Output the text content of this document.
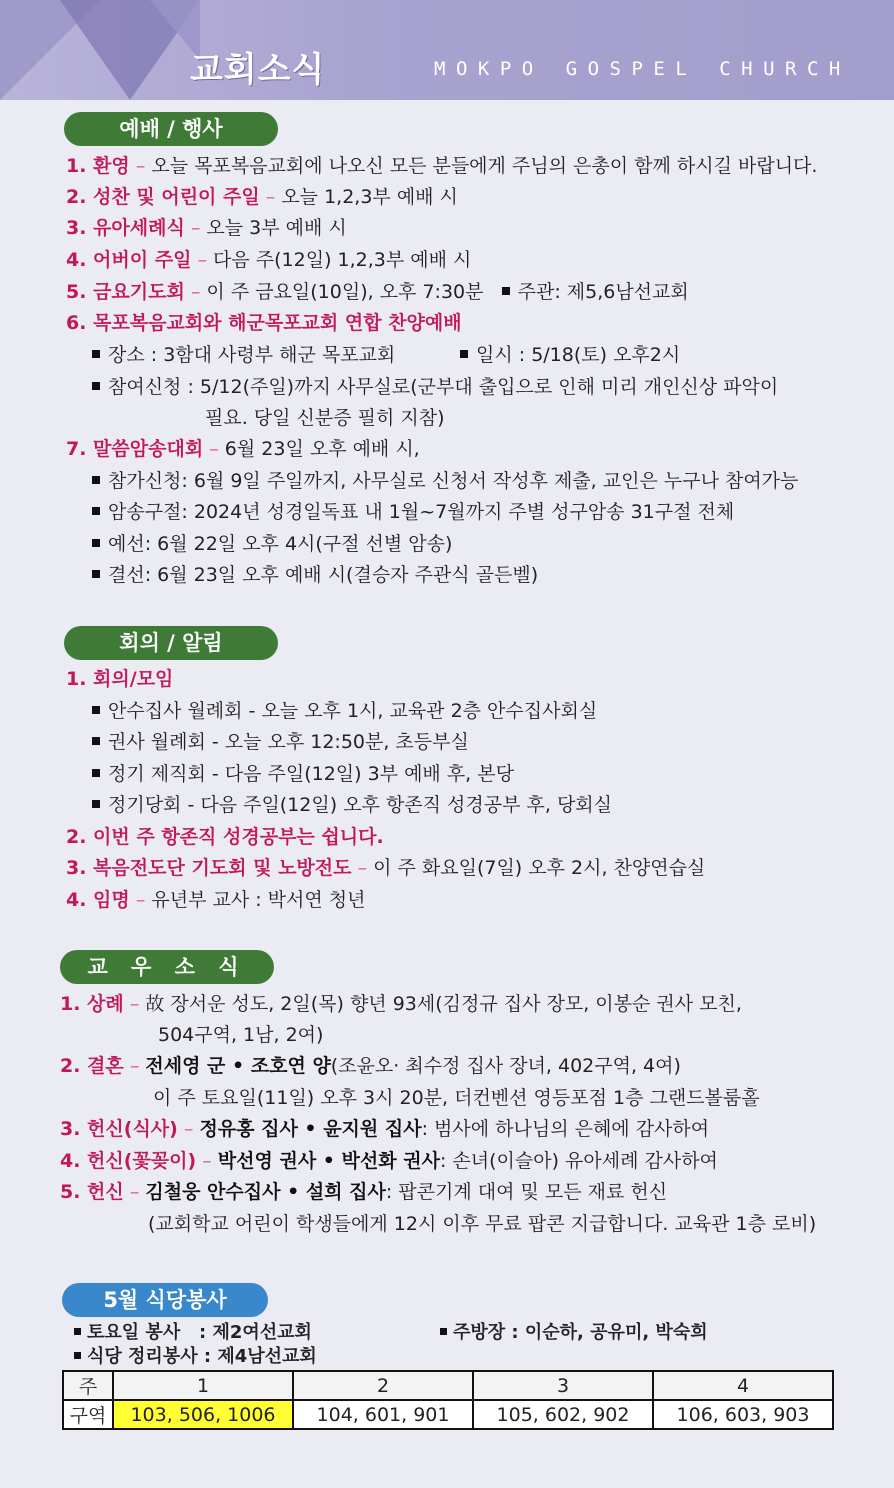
교회소식	MOKPO GOSPEL CHURCH
예배 / 행사
1. 환영 – 오늘 목포복음교회에 나오신 모든 분들에게 주님의 은총이 함께 하시길 바랍니다.
2. 성찬 및 어린이 주일 – 오늘 1,2,3부 예배 시
3. 유아세례식 – 오늘 3부 예배 시
4. 어버이 주일 – 다음 주(12일) 1,2,3부 예배 시
5. 금요기도회 – 이 주 금요일(10일), 오후 7:30분 주관: 제5,6남선교회
6. 목포복음교회와 해군목포교회 연합 찬양예배
장소 : 3함대 사령부 해군 목포교회	일시 : 5/18(토) 오후2시
참여신청 : 5/12(주일)까지 사무실로(군부대 출입으로 인해 미리 개인신상 파악이
필요. 당일 신분증 필히 지참)
7. 말씀암송대회 – 6월 23일 오후 예배 시,
참가신청: 6월 9일 주일까지, 사무실로 신청서 작성후 제출, 교인은 누구나 참여가능
암송구절: 2024년 성경일독표 내 1월~7월까지 주별 성구암송 31구절 전체
예선: 6월 22일 오후 4시(구절 선별 암송)
결선: 6월 23일 오후 예배 시(결승자 주관식 골든벨)
회의 / 알림
1. 회의/모임
안수집사 월례회 - 오늘 오후 1시, 교육관 2층 안수집사회실
권사 월례회 - 오늘 오후 12:50분, 초등부실
정기 제직회 - 다음 주일(12일) 3부 예배 후, 본당
정기당회 - 다음 주일(12일) 오후 항존직 성경공부 후, 당회실
2. 이번 주 항존직 성경공부는 쉽니다.
3. 복음전도단 기도회 및 노방전도 – 이 주 화요일(7일) 오후 2시, 찬양연습실
4. 임명 – 유년부 교사 : 박서연 청년
교 우 소 식
1. 상례 – 故 장서운 성도, 2일(목) 향년 93세(김정규 집사 장모, 이봉순 권사 모친,
504구역, 1남, 2여)
2. 결혼 – 전세영 군 • 조호연 양(조윤오· 최수정 집사 장녀, 402구역, 4여)
이 주 토요일(11일) 오후 3시 20분, 더컨벤션 영등포점 1층 그랜드볼룸홀
3. 헌신(식사) – 정유홍 집사 • 윤지원 집사: 범사에 하나님의 은혜에 감사하여
4. 헌신(꽃꽂이) – 박선영 권사 • 박선화 권사: 손녀(이슬아) 유아세례 감사하여
5. 헌신 – 김철웅 안수집사 • 설희 집사: 팝콘기계 대여 및 모든 재료 헌신
(교회학교 어린이 학생들에게 12시 이후 무료 팝콘 지급합니다. 교육관 1층 로비)
5월 식당봉사
토요일 봉사   : 제2여선교회	주방장 : 이순하, 공유미, 박숙희
식당 정리봉사 : 제4남선교회
주	1	2	3	4
구역	103, 506, 1006	104, 601, 901	105, 602, 902	106, 603, 903
